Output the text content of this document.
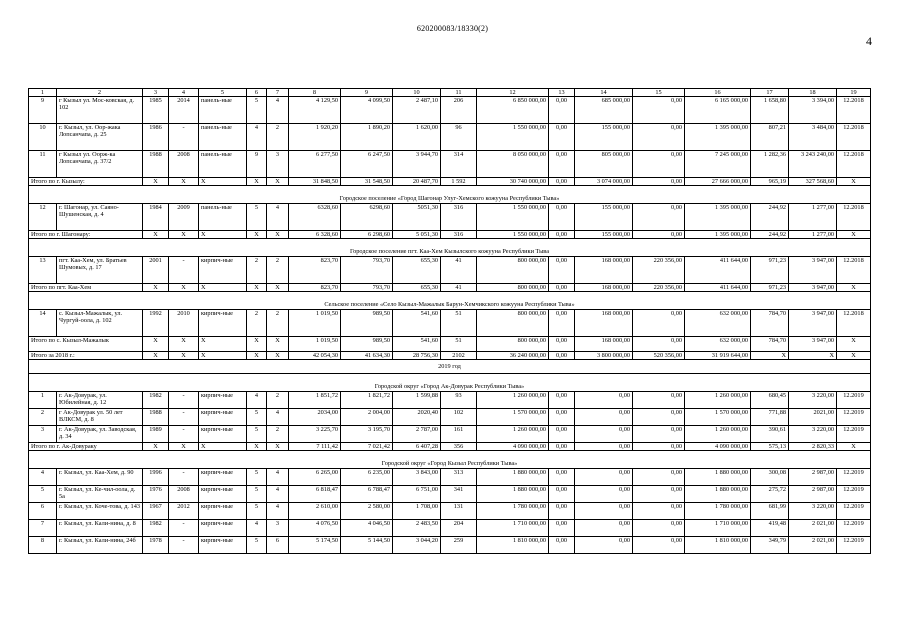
620200083/18330(2)
4
1	2	3	4	5	6	7	8	9	10	11	12	13	14	15	16	17	18	19
9	г Кызыл ул. Мос-ковская, д. 102	1985	2014	панель-ные	5	4	4 129,50	4 099,50	2 487,10	206	6 850 000,00	0,00	685 000,00	0,00	6 165 000,00	1 658,80	3 394,00	12.2018
10	г. Кызыл, ул. Оор-жака Лопсанчапа, д. 25	1986	-	панель-ные	4	2	1 920,20	1 890,20	1 620,00	96	1 550 000,00	0,00	155 000,00	0,00	1 395 000,00	807,21	3 484,00	12.2018
11	г Кызыл ул. Оорж-ка Лопсанчапа, д. 37/2	1988	2008	панель-ные	9	3	6 277,50	6 247,50	3 944,70	314	8 050 000,00	0,00	805 000,00	0,00	7 245 000,00	1 282,36	3 243 240,00	12.2018
Итого по г. Кызылу:		Х	Х	Х	Х	Х	31 848,50	31 548,50	20 487,70	1 592	30 740 000,00	0,00	3 074 000,00	0,00	27 666 000,00	965,19	327 568,60	Х
Городское поселение «Город Шагонар Улуг-Хемского кожууна Республики Тыва»																		
12	г. Шагонар, ул. Саяно-Шушенская, д. 4	1984	2009	панель-ные	5	4	6328,60	6298,60	5051,30	316	1 550 000,00	0,00	155 000,00	0,00	1 395 000,00	244,92	1 277,00	12.2018
Итого по г. Шагонару:		Х	Х	Х	Х	Х	6 328,60	6 298,60	5 051,30	316	1 550 000,00	0,00	155 000,00	0,00	1 395 000,00	244,92	1 277,00	Х
Городское поселение пгт. Каа-Хем Кызылского кожууна Республики Тыва																		
13	пгт. Каа-Хем, ул. Братьев Шумовых, д. 17	2001	-	кирпич-ные	2	2	823,70	793,70	655,30	41	800 000,00	0,00	168 000,00	220 356,00	411 644,00	971,23	3 947,00	12.2018
Итого по пгт. Каа-Хем		Х	Х	Х	Х	Х	823,70	793,70	655,30	41	800 000,00	0,00	168 000,00	220 356,00	411 644,00	971,23	3 947,00	Х
Сельское поселение «Село Кызыл-Мажалык Барун-Хемчикского кожууна Республики Тыва»																		
14	с. Кызыл-Мажалык, ул. Чургуй-оола, д. 102	1992	2010	кирпич-ные	2	2	1 019,50	989,50	541,60	51	800 000,00	0,00	168 000,00	0,00	632 000,00	784,70	3 947,00	12.2018
Итого по с. Кызыл-Мажалык		Х	Х	Х	Х	Х	1 019,50	989,50	541,60	51	800 000,00	0,00	168 000,00	0,00	632 000,00	784,70	3 947,00	Х
Итого за 2018 г.:		Х	Х	Х	Х	Х	42 054,30	41 634,30	28 756,30	2102	36 240 000,00	0,00	3 800 000,00	520 356,00	31 919 644,00	Х	Х	Х
2019 год																		
Городской округ «Город Ак-Довурак Республики Тыва»																		
1	г. Ак-Довурак, ул. Юбилейная, д. 12	1982	-	кирпич-ные	4	2	1 851,72	1 821,72	1 599,88	93	1 260 000,00	0,00	0,00	0,00	1 260 000,00	680,45	3 220,00	12.2019
2	г Ак-Довурак ул. 50 лет ВЛКСМ, д. 8	1988	-	кирпич-ные	5	4	2034,00	2 004,00	2020,40	102	1 570 000,00	0,00	0,00	0,00	1 570 000,00	771,88	2021,00	12.2019
3	г. Ак-Довурак, ул. Заводская, д. 34	1989	-	кирпич-ные	5	2	3 225,70	3 195,70	2 787,00	161	1 260 000,00	0,00	0,00	0,00	1 260 000,00	390,61	3 220,00	12.2019
Итого по г. Ак-Довураку		Х	Х	Х	Х	Х	7 111,42	7 021,42	6 407,28	356	4 090 000,00	0,00	0,00	0,00	4 090 000,00	575,13	2 820,33	Х
Городской округ «Город Кызыл Республики Тыва»																		
4	г. Кызыл, ул. Каа-Хем, д. 90	1996	-	кирпич-ные	5	4	6 265,00	6 235,00	3 843,00	313	1 880 000,00	0,00	0,00	0,00	1 880 000,00	300,08	2 987,00	12.2019
5	г. Кызыл, ул. Ке-чил-оола, д. 5а	1976	2008	кирпич-ные	5	4	6 818,47	6 788,47	6 751,00	341	1 880 000,00	0,00	0,00	0,00	1 880 000,00	275,72	2 987,00	12.2019
6	г. Кызыл, ул. Коче-това, д. 143	1967	2012	кирпич-ные	5	4	2 610,00	2 580,00	1 708,00	131	1 780 000,00	0,00	0,00	0,00	1 780 000,00	681,99	3 220,00	12.2019
7	г. Кызыл, ул. Кали-нина, д. 8	1982	-	кирпич-ные	4	3	4 076,50	4 046,50	2 483,50	204	1 710 000,00	0,00	0,00	0,00	1 710 000,00	419,48	2 021,00	12.2019
8	г. Кызыл, ул. Кали-нина, 24б	1978	-	кирпич-ные	5	6	5 174,50	5 144,50	3 044,20	259	1 810 000,00	0,00	0,00	0,00	1 810 000,00	349,79	2 021,00	12.2019
